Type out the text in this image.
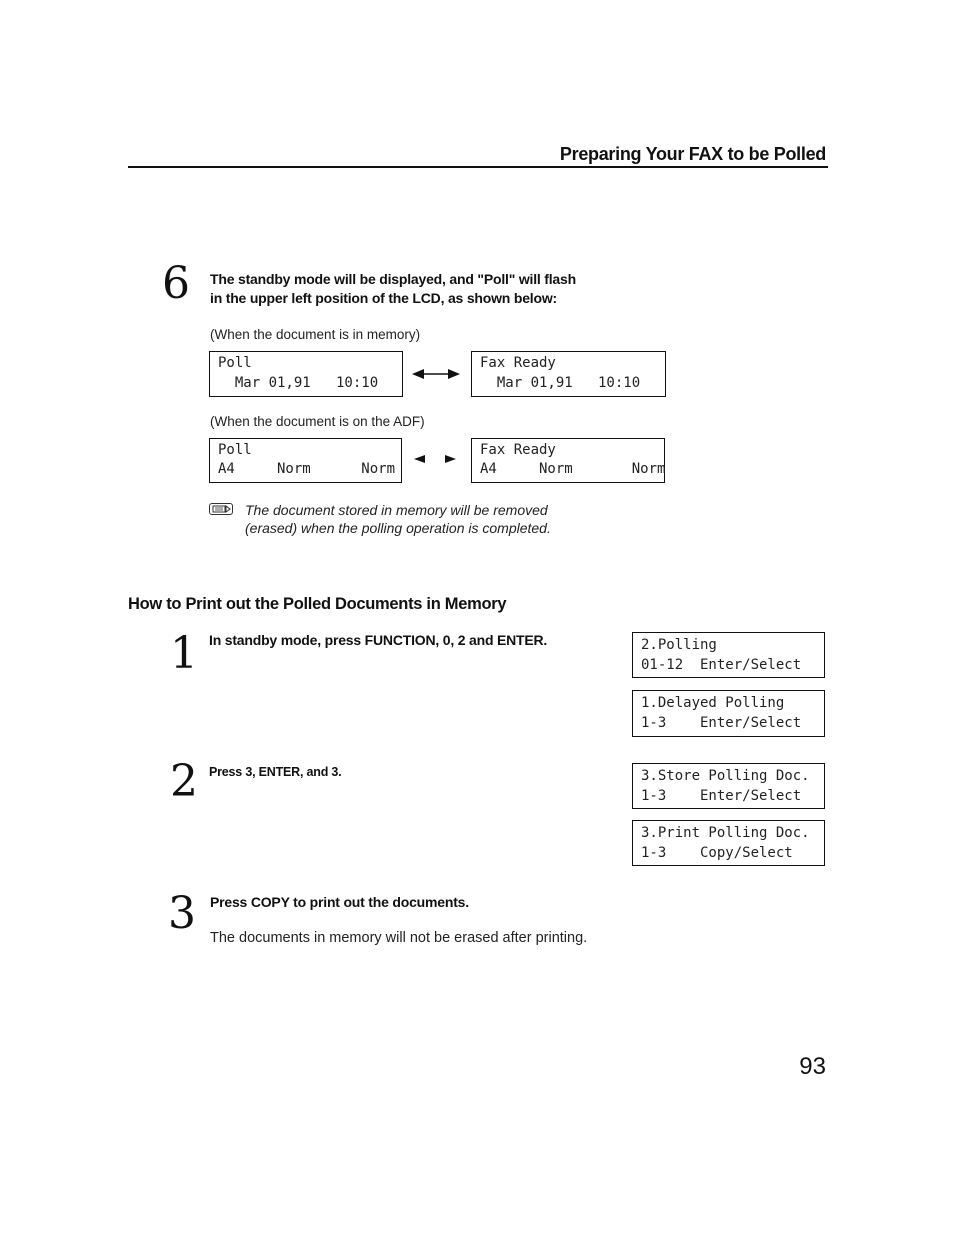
Preparing Your FAX to be Polled
6 The standby mode will be displayed, and "Poll" will flash
in the upper left position of the LCD, as shown below:
(When the document is in memory)
Poll
Mar 01,91   10:10
Fax Ready
Mar 01,91   10:10
(When the document is on the ADF)
Poll
A4     Norm      Norm
Fax Ready
A4     Norm       Norm
The document stored in memory will be removed
(erased) when the polling operation is completed.
How to Print out the Polled Documents in Memory
1 In standby mode, press FUNCTION, 0, 2 and ENTER.	2.Polling
01-12  Enter/Select
1.Delayed Polling
1-3    Enter/Select
2 Press 3, ENTER, and 3.	3.Store Polling Doc.
1-3    Enter/Select
3.Print Polling Doc.
1-3    Copy/Select
3 Press COPY to print out the documents.
The documents in memory will not be erased after printing.
93
